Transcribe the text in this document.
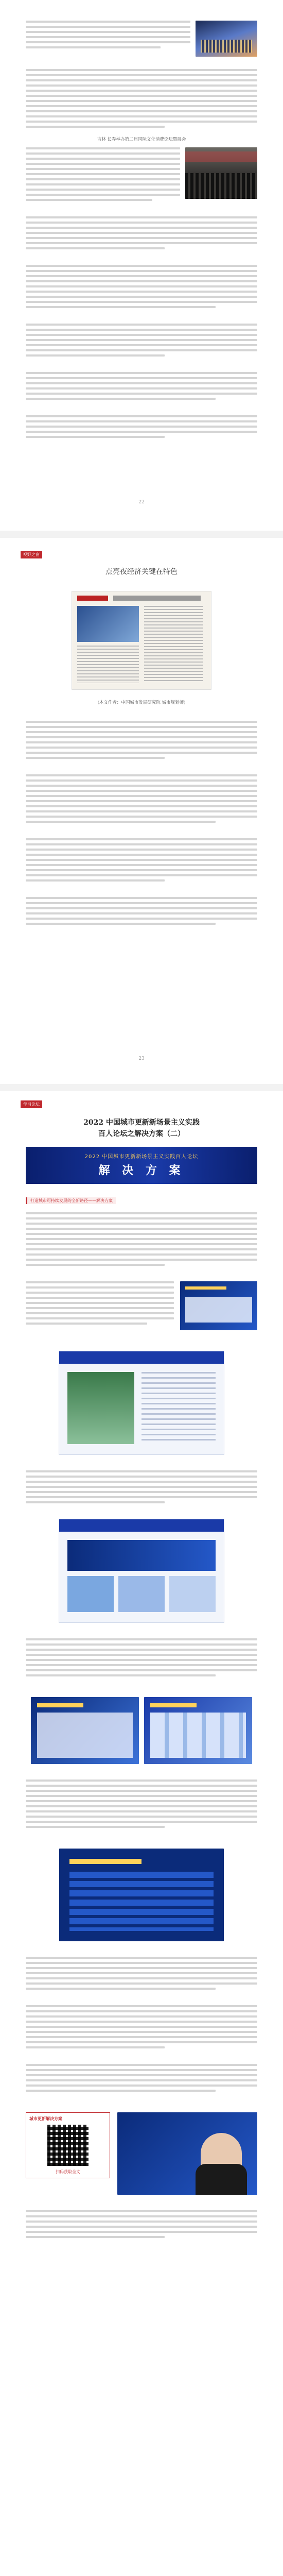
吉林 长春举办第二届国际文化消费论坛暨展会
22
视野之窗
点亮夜经济关键在特色
(本文作者：中国城市发展研究院 城市规划师)
23
学习论坛
2022 中国城市更新新场景主义实践
百人论坛之解决方案（二）
2022 中国城市更新新场景主义实践百人论坛
解 决 方 案
打造城市可持续发展的全新路径——解决方案
城市更新解决方案
扫码获取全文
